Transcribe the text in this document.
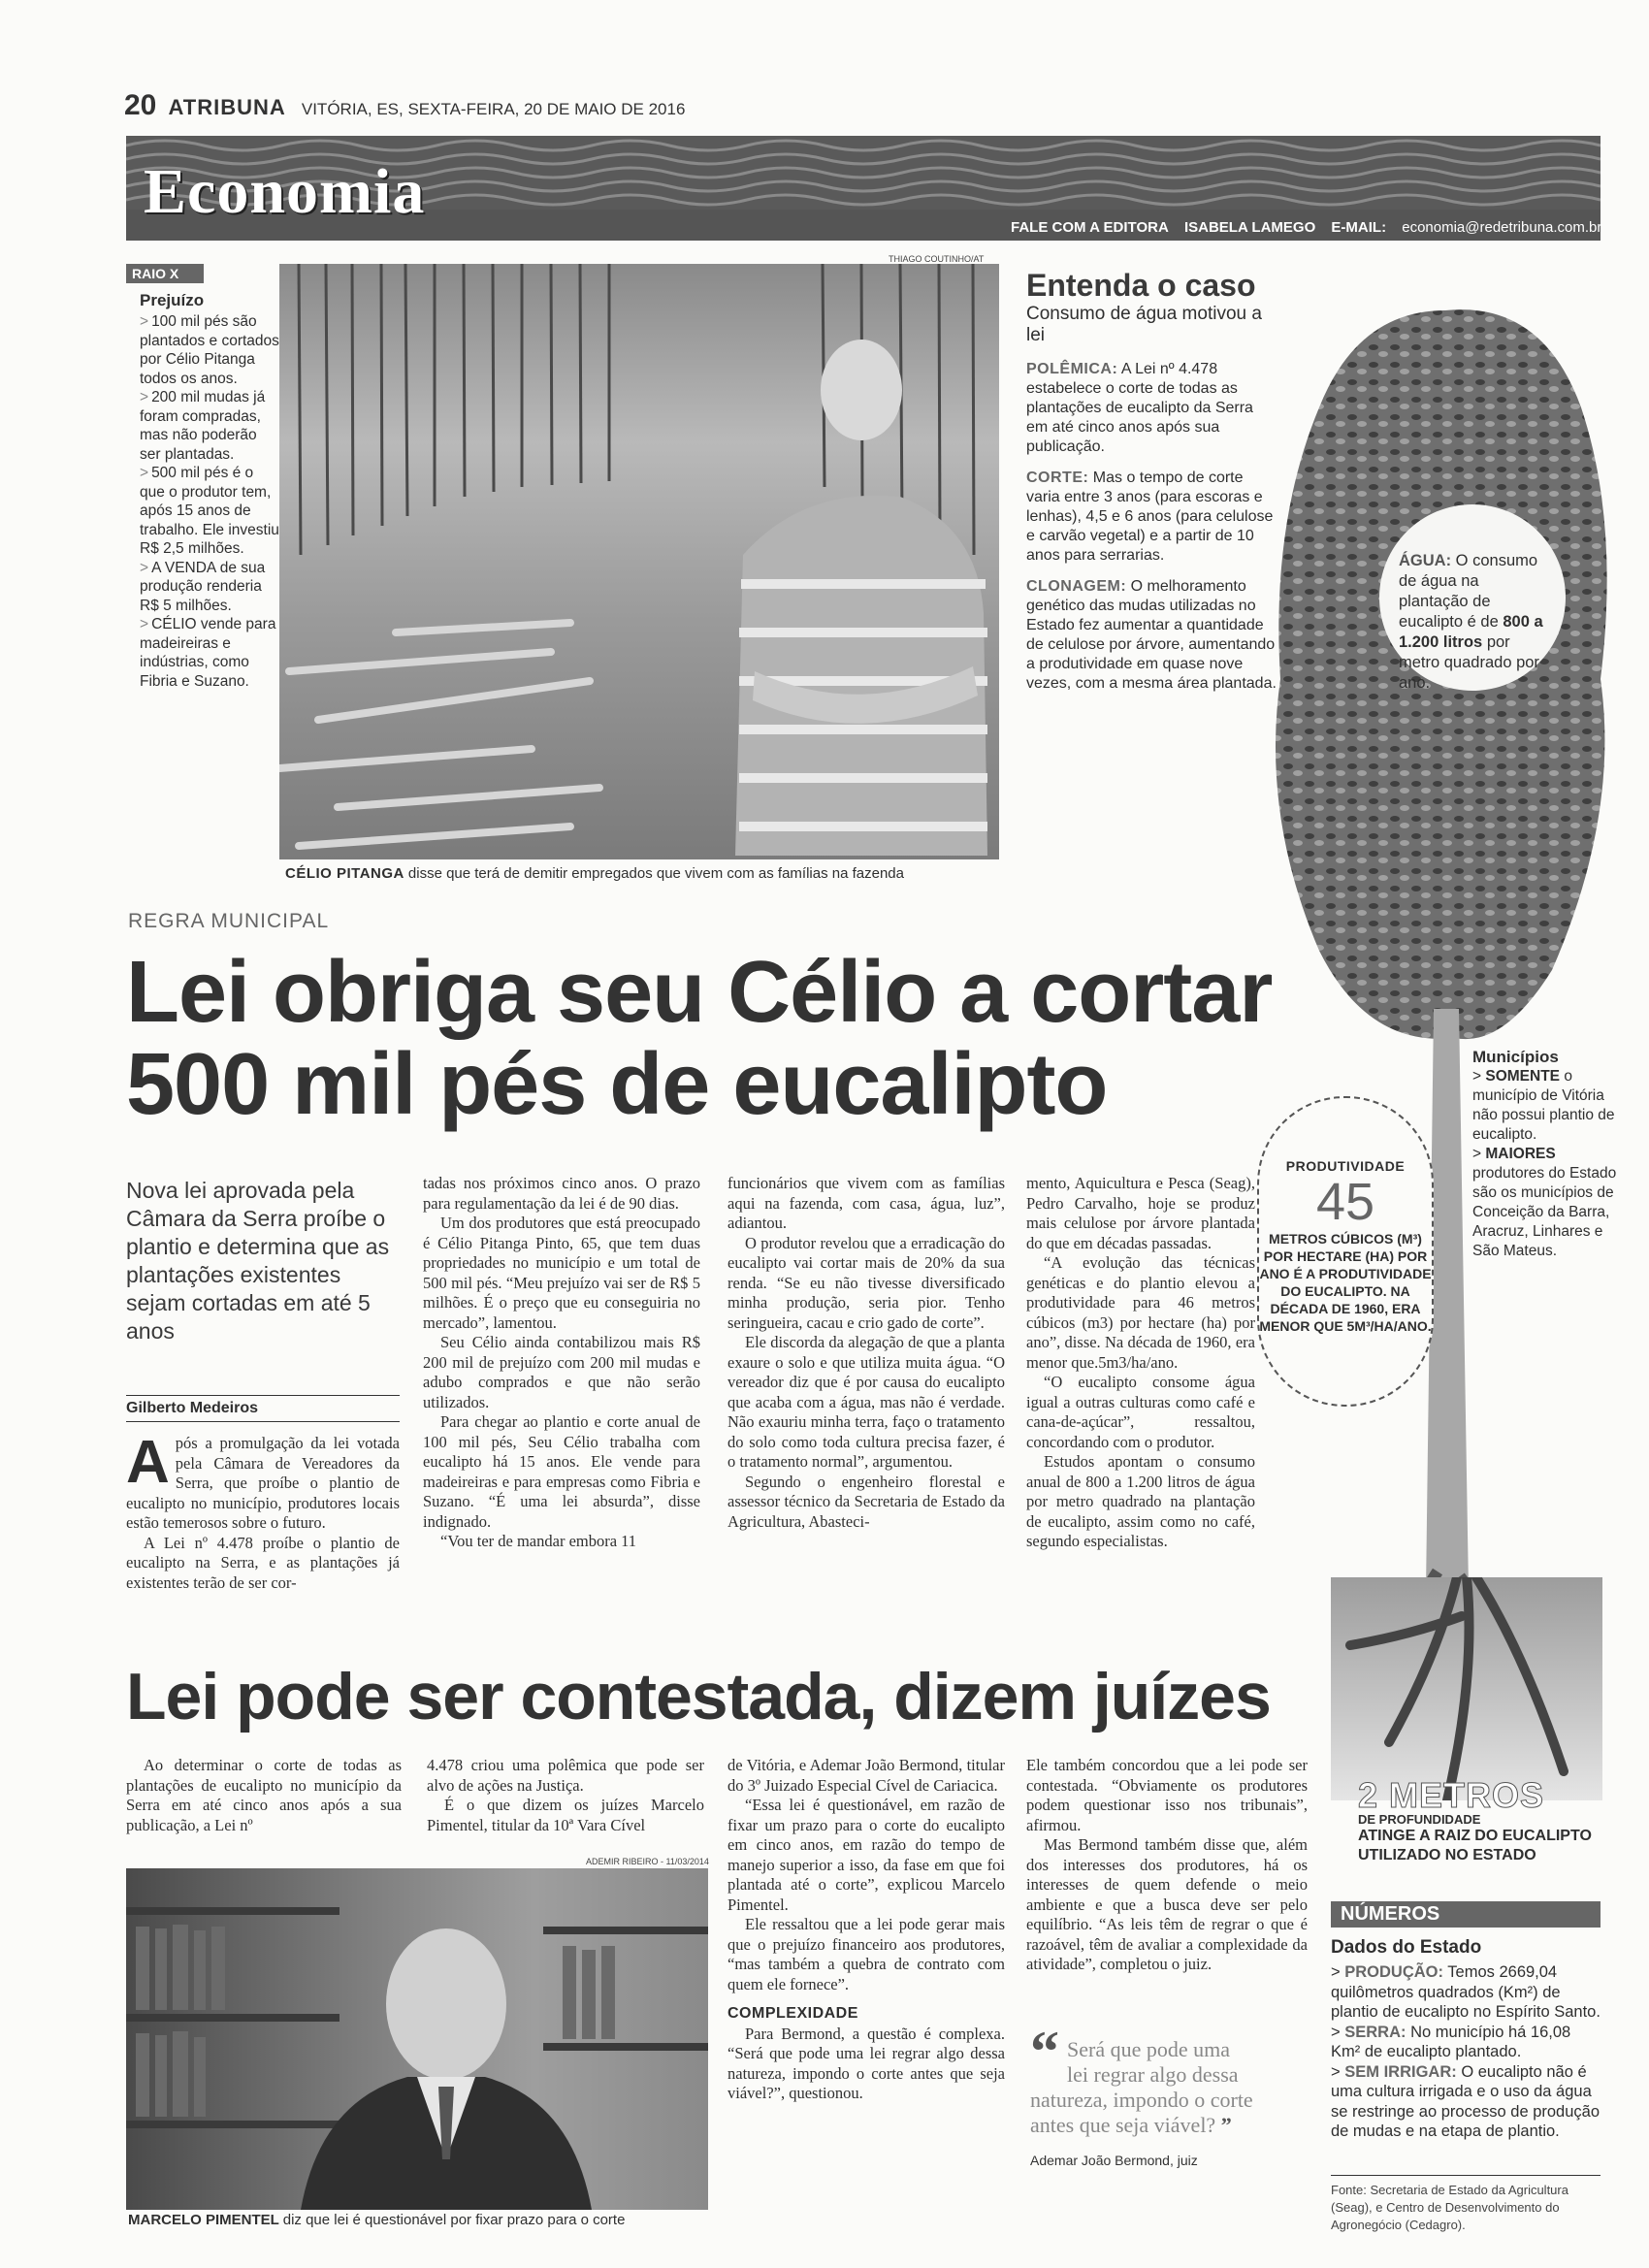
20 ATRIBUNA VITÓRIA, ES, SEXTA-FEIRA, 20 DE MAIO DE 2016
Economia
FALE COM A EDITORA ISABELA LAMEGO E-MAIL: economia@redetribuna.com.br
RAIO X
Prejuízo
> 100 mil pés são plantados e cortados por Célio Pitanga todos os anos.
> 200 mil mudas já foram compradas, mas não poderão ser plantadas.
> 500 mil pés é o que o produtor tem, após 15 anos de trabalho. Ele investiu R$ 2,5 milhões.
> A VENDA de sua produção renderia R$ 5 milhões.
> CÉLIO vende para madeireiras e indústrias, como Fibria e Suzano.
THIAGO COUTINHO/AT
CÉLIO PITANGA disse que terá de demitir empregados que vivem com as famílias na fazenda
Entenda o caso
Consumo de água motivou a lei

POLÊMICA: A Lei nº 4.478 estabelece o corte de todas as plantações de eucalipto da Serra em até cinco anos após sua publicação.

CORTE: Mas o tempo de corte varia entre 3 anos (para escoras e lenhas), 4,5 e 6 anos (para celulose e carvão vegetal) e a partir de 10 anos para serrarias.

CLONAGEM: O melhoramento genético das mudas utilizadas no Estado fez aumentar a quantidade de celulose por árvore, aumentando a produtividade em quase nove vezes, com a mesma área plantada.

ÁGUA: O consumo de água na plantação de eucalipto é de 800 a 1.200 litros por metro quadrado por ano.
Municípios
> SOMENTE o município de Vitória não possui plantio de eucalipto.
> MAIORES produtores do Estado são os municípios de Conceição da Barra, Aracruz, Linhares e São Mateus.
PRODUTIVIDADE
45
METROS CÚBICOS (M³) POR HECTARE (HA) POR ANO É A PRODUTIVIDADE DO EUCALIPTO. NA DÉCADA DE 1960, ERA MENOR QUE 5M³/HA/ANO.
2 METROS
DE PROFUNDIDADE
ATINGE A RAIZ DO EUCALIPTO UTILIZADO NO ESTADO
NÚMEROS
Dados do Estado

> PRODUÇÃO: Temos 2669,04 quilômetros quadrados (Km²) de plantio de eucalipto no Espírito Santo.

> SERRA: No município há 16,08 Km² de eucalipto plantado.

> SEM IRRIGAR: O eucalipto não é uma cultura irrigada e o uso da água se restringe ao processo de produção de mudas e na etapa de plantio.

Fonte: Secretaria de Estado da Agricultura (Seag), e Centro de Desenvolvimento do Agronegócio (Cedagro).
REGRA MUNICIPAL
Lei obriga seu Célio a cortar
500 mil pés de eucalipto
Nova lei aprovada pela Câmara da Serra proíbe o plantio e determina que as plantações existentes sejam cortadas em até 5 anos
Gilberto Medeiros
A pós a promulgação da lei votada pela Câmara de Vereadores da Serra, que proíbe o plantio de eucalipto no município, produtores locais estão temerosos sobre o futuro.

A Lei nº 4.478 proíbe o plantio de eucalipto na Serra, e as plantações já existentes terão de ser cor-

tadas nos próximos cinco anos. O prazo para regulamentação da lei é de 90 dias.

Um dos produtores que está preocupado é Célio Pitanga Pinto, 65, que tem duas propriedades no município e um total de 500 mil pés. “Meu prejuízo vai ser de R$ 5 milhões. É o preço que eu conseguiria no mercado”, lamentou.

Seu Célio ainda contabilizou mais R$ 200 mil de prejuízo com 200 mil mudas e adubo comprados e que não serão utilizados.

Para chegar ao plantio e corte anual de 100 mil pés, Seu Célio trabalha com eucalipto há 15 anos. Ele vende para madeireiras e para empresas como Fibria e Suzano. “É uma lei absurda”, disse indignado.

“Vou ter de mandar embora 11

funcionários que vivem com as famílias aqui na fazenda, com casa, água, luz”, adiantou.

O produtor revelou que a erradicação do eucalipto vai cortar mais de 20% da sua renda. “Se eu não tivesse diversificado minha produção, seria pior. Tenho seringueira, cacau e crio gado de corte”.

Ele discorda da alegação de que a planta exaure o solo e que utiliza muita água. “O vereador diz que é por causa do eucalipto que acaba com a água, mas não é verdade. Não exauriu minha terra, faço o tratamento do solo como toda cultura precisa fazer, é o tratamento normal”, argumentou.

Segundo o engenheiro florestal e assessor técnico da Secretaria de Estado da Agricultura, Abasteci-

mento, Aquicultura e Pesca (Seag), Pedro Carvalho, hoje se produz mais celulose por árvore plantada do que em décadas passadas.

“A evolução das técnicas genéticas e do plantio elevou a produtividade para 46 metros cúbicos (m3) por hectare (ha) por ano”, disse. Na década de 1960, era menor que.5m3/ha/ano.

“O eucalipto consome água igual a outras culturas como café e cana-de-açúcar”, ressaltou, concordando com o produtor.

Estudos apontam o consumo anual de 800 a 1.200 litros de água por metro quadrado na plantação de eucalipto, assim como no café, segundo especialistas.

Lei pode ser contestada, dizem juízes

Ao determinar o corte de todas as plantações de eucalipto no município da Serra em até cinco anos após a sua publicação, a Lei nº

4.478 criou uma polêmica que pode ser alvo de ações na Justiça.

É o que dizem os juízes Marcelo Pimentel, titular da 10ª Vara Cível

ADEMIR RIBEIRO - 11/03/2014
MARCELO PIMENTEL diz que lei é questionável por fixar prazo para o corte

de Vitória, e Ademar João Bermond, titular do 3º Juizado Especial Cível de Cariacica.

“Essa lei é questionável, em razão de fixar um prazo para o corte do eucalipto em cinco anos, em razão do tempo de manejo superior a isso, da fase em que foi plantada até o corte”, explicou Marcelo Pimentel.

Ele ressaltou que a lei pode gerar mais que o prejuízo financeiro aos produtores, “mas também a quebra de contrato com quem ele fornece”.

COMPLEXIDADE

Para Bermond, a questão é complexa. “Será que pode uma lei regrar algo dessa natureza, impondo o corte antes que seja viável?”, questionou.

Ele também concordou que a lei pode ser contestada. “Obviamente os produtores podem questionar isso nos tribunais”, afirmou.

Mas Bermond também disse que, além dos interesses dos produtores, há os interesses de quem defende o meio ambiente e que a busca deve ser pelo equilíbrio. “As leis têm de regrar o que é razoável, têm de avaliar a complexidade da atividade”, completou o juiz.

“ Será que pode uma lei regrar algo dessa natureza, impondo o corte antes que seja viável? ”
Ademar João Bermond, juiz
